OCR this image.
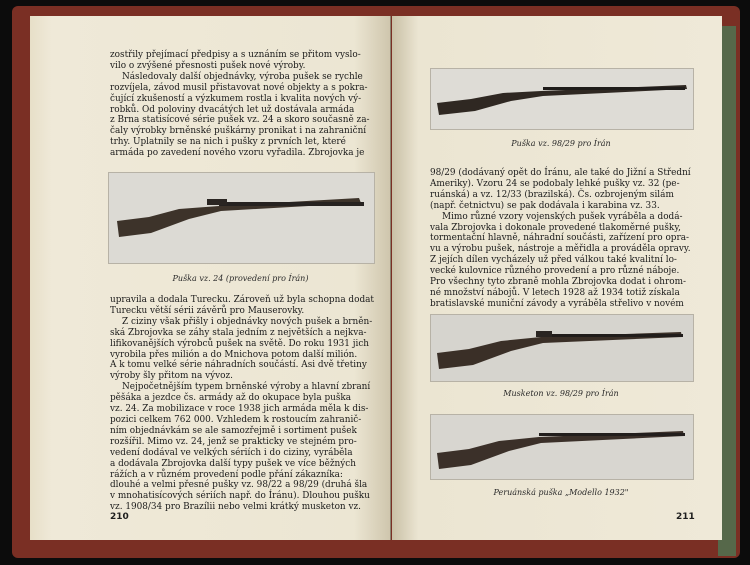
zostřily přejímací předpisy a s uznáním se přitom vyslo-

vilo o zvýšené přesnosti pušek nové výroby.

Následovaly další objednávky, výroba pušek se rychle

rozvíjela, závod musil přistavovat nové objekty a s pokra-

čující zkušeností a výzkumem rostla i kvalita nových vý-

robků. Od poloviny dvacátých let už dostávala armáda

z Brna statisícové série pušek vz. 24 a skoro současně za-

čaly výrobky brněnské puškárny pronikat i na zahraniční

trhy. Uplatnily se na nich i pušky z prvních let, které

armáda po zavedení nového vzoru vyřadila. Zbrojovka je

Puška vz. 24 (provedení pro Írán)

upravila a dodala Turecku. Zároveň už byla schopna dodat

Turecku větší sérii závěrů pro Mauserovky.

Z ciziny však přišly i objednávky nových pušek a brněn-

ská Zbrojovka se záhy stala jedním z největších a nejkva-

lifikovanějších výrobců pušek na světě. Do roku 1931 jich

vyrobila přes milión a do Mnichova potom další milión.

A k tomu velké série náhradních součástí. Asi dvě třetiny

výroby šly přitom na vývoz.

Nejpočetnějším typem brněnské výroby a hlavní zbraní

pěšáka a jezdce čs. armády až do okupace byla puška

vz. 24. Za mobilizace v roce 1938 jich armáda měla k dis-

pozici celkem 762 000. Vzhledem k rostoucím zahranič-

ním objednávkám se ale samozřejmě i sortiment pušek

rozšířil. Mimo vz. 24, jenž se prakticky ve stejném pro-

vedení dodával ve velkých sériích i do ciziny, vyráběla

a dodávala Zbrojovka další typy pušek ve více běžných

rážích a v různém provedení podle přání zákazníka:

dlouhé a velmi přesné pušky vz. 98/22 a 98/29 (druhá šla

v mnohatisícových sériích např. do Íránu). Dlouhou pušku

vz. 1908/34 pro Brazílii nebo velmi krátký musketon vz.

210
Puška vz. 98/29 pro Írán

98/29 (dodávaný opět do Íránu, ale také do Jižní a Střední

Ameriky). Vzoru 24 se podobaly lehké pušky vz. 32 (pe-

ruánská) a vz. 12/33 (brazilská). Čs. ozbrojeným silám

(např. četnictvu) se pak dodávala i karabina vz. 33.

Mimo různé vzory vojenských pušek vyráběla a dodá-

vala Zbrojovka i dokonale provedené tlakoměrné pušky,

tormentační hlavně, náhradní součásti, zařízení pro opra-

vu a výrobu pušek, nástroje a měřidla a prováděla opravy.

Z jejích dílen vycházely už před válkou také kvalitní lo-

vecké kulovnice různého provedení a pro různé náboje.

Pro všechny tyto zbraně mohla Zbrojovka dodat i ohrom-

né množství nábojů. V letech 1928 až 1934 totiž získala

bratislavské muniční závody a vyráběla střelivo v novém

Musketon vz. 98/29 pro Írán
Peruánská puška „Modello 1932"
211
